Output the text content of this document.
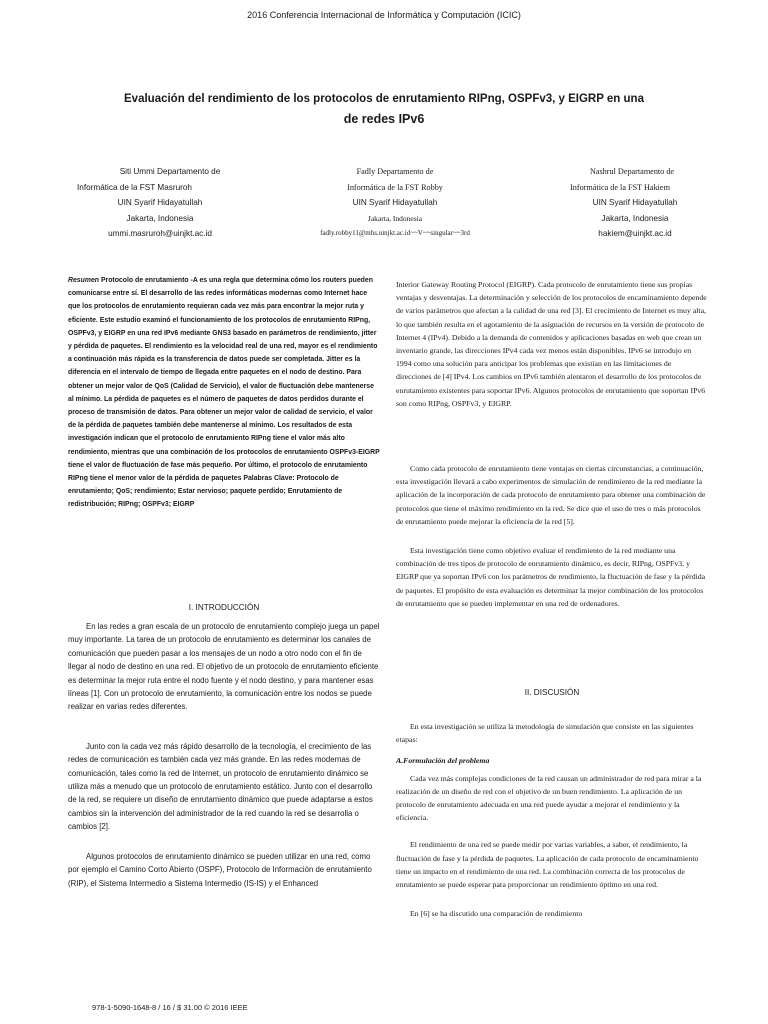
2016 Conferencia Internacional de Informática y Computación (ICIC)
Evaluación del rendimiento de los protocolos de enrutamiento RIPng, OSPFv3, y EIGRP en una
de redes IPv6
Siti Ummi Departamento de
Informática de la FST Masruroh
UIN Syarif Hidayatullah
Jakarta, Indonesia
ummi.masruroh@uinjkt.ac.id
Fadly Departamento de
Informática de la FST Robby
UIN Syarif Hidayatullah
Jakarta, Indonesia
fadly.robby11@mhs.uinjkt.ac.id~~V~~singular~~3rd
Nashrul Departamento de
Informática de la FST Hakiem
UIN Syarif Hidayatullah
Jakarta, Indonesia
hakiem@uinjkt.ac.id
Resumen Protocolo de enrutamiento -A es una regla que determina cómo los routers pueden comunicarse entre sí. El desarrollo de las redes informáticas modernas como Internet hace que los protocolos de enrutamiento requieran cada vez más para encontrar la mejor ruta y eficiente. Este estudio examinó el funcionamiento de los protocolos de enrutamiento RIPng, OSPFv3, y EIGRP en una red IPv6 mediante GNS3 basado en parámetros de rendimiento, jitter y pérdida de paquetes. El rendimiento es la velocidad real de una red, mayor es el rendimiento a continuación más rápida es la transferencia de datos puede ser completada. Jitter es la diferencia en el intervalo de tiempo de llegada entre paquetes en el nodo de destino. Para obtener un mejor valor de QoS (Calidad de Servicio), el valor de fluctuación debe mantenerse al mínimo. La pérdida de paquetes es el número de paquetes de datos perdidos durante el proceso de transmisión de datos. Para obtener un mejor valor de calidad de servicio, el valor de la pérdida de paquetes también debe mantenerse al mínimo. Los resultados de esta investigación indican que el protocolo de enrutamiento RIPng tiene el valor más alto rendimiento, mientras que una combinación de los protocolos de enrutamiento OSPFv3-EIGRP tiene el valor de fluctuación de fase más pequeño. Por último, el protocolo de enrutamiento RIPng tiene el menor valor de la pérdida de paquetes Palabras Clave: Protocolo de enrutamiento; QoS; rendimiento; Estar nervioso; paquete perdido; Enrutamiento de redistribución; RIPng; OSPFv3; EIGRP
I. INTRODUCCIÓN

En las redes a gran escala de un protocolo de enrutamiento complejo juega un papel muy importante. La tarea de un protocolo de enrutamiento es determinar los canales de comunicación que pueden pasar a los mensajes de un nodo a otro nodo con el fin de llegar al nodo de destino en una red. El objetivo de un protocolo de enrutamiento eficiente es determinar la mejor ruta entre el nodo fuente y el nodo destino, y para mantener esas líneas [1]. Con un protocolo de enrutamiento, la comunicación entre los nodos se puede realizar en varias redes diferentes.

Junto con la cada vez más rápido desarrollo de la tecnología, el crecimiento de las redes de comunicación es también cada vez más grande. En las redes modernas de comunicación, tales como la red de Internet, un protocolo de enrutamiento dinámico se utiliza más a menudo que un protocolo de enrutamiento estático. Junto con el desarrollo de la red, se requiere un diseño de enrutamiento dinámico que puede adaptarse a estos cambios sin la intervención del administrador de la red cuando la red se desarrolla o cambios [2].

Algunos protocolos de enrutamiento dinámico se pueden utilizar en una red, como por ejemplo el Camino Corto Abierto (OSPF), Protocolo de Información de enrutamiento (RIP), el Sistema Intermedio a Sistema Intermedio (IS-IS) y el Enhanced

Interior Gateway Routing Protocol (EIGRP). Cada protocolo de enrutamiento tiene sus propias ventajas y desventajas. La determinación y selección de los protocolos de encaminamiento depende de varios parámetros que afectan a la calidad de una red [3]. El crecimiento de Internet es muy alta, lo que también resulta en el agotamiento de la asignación de recursos en la versión de protocolo de Internet 4 (IPv4). Debido a la demanda de contenidos y aplicaciones basadas en web que crean un inventario grande, las direcciones IPv4 cada vez menos están disponibles. IPv6 se introdujo en 1994 como una solución para anticipar los problemas que existían en las limitaciones de direcciones de [4] IPv4. Los cambios en IPv6 también alentaron el desarrollo de los protocolos de enrutamiento existentes para soportar IPv6. Algunos protocolos de enrutamiento que soportan IPv6 son como RIPng, OSPFv3, y EIGRP.

Como cada protocolo de enrutamiento tiene ventajas en ciertas circunstancias, a continuación, esta investigación llevará a cabo experimentos de simulación de rendimiento de la red mediante la aplicación de la incorporación de cada protocolo de enrutamiento para obtener una combinación de protocolos que tiene el máximo rendimiento en la red. Se dice que el uso de tres o más protocolos de enrutamiento puede mejorar la eficiencia de la red [5].

Esta investigación tiene como objetivo evaluar el rendimiento de la red mediante una combinación de tres tipos de protocolo de enrutamiento dinámico, es decir, RIPng, OSPFv3, y EIGRP que ya soportan IPv6 con los parámetros de rendimiento, la fluctuación de fase y la pérdida de paquetes. El propósito de esta evaluación es determinar la mejor combinación de los protocolos de enrutamiento que se pueden implementar en una red de ordenadores.

II. DISCUSIÓN

En esta investigación se utiliza la metodología de simulación que consiste en las siguientes etapas:

A.Formulación del problema

Cada vez más complejas condiciones de la red causan un administrador de red para mirar a la realización de un diseño de red con el objetivo de un buen rendimiento. La aplicación de un protocolo de enrutamiento adecuada en una red puede ayudar a mejorar el rendimiento y la eficiencia.

El rendimiento de una red se puede medir por varias variables, a saber, el rendimiento, la fluctuación de fase y la pérdida de paquetes. La aplicación de cada protocolo de encaminamiento tiene un impacto en el rendimiento de una red. La combinación correcta de los protocolos de enrutamiento se puede esperar para proporcionar un rendimiento óptimo en una red.

En [6] se ha discutido una comparación de rendimiento

978-1-5090-1648-8 / 16 / $ 31.00 © 2016 IEEE
